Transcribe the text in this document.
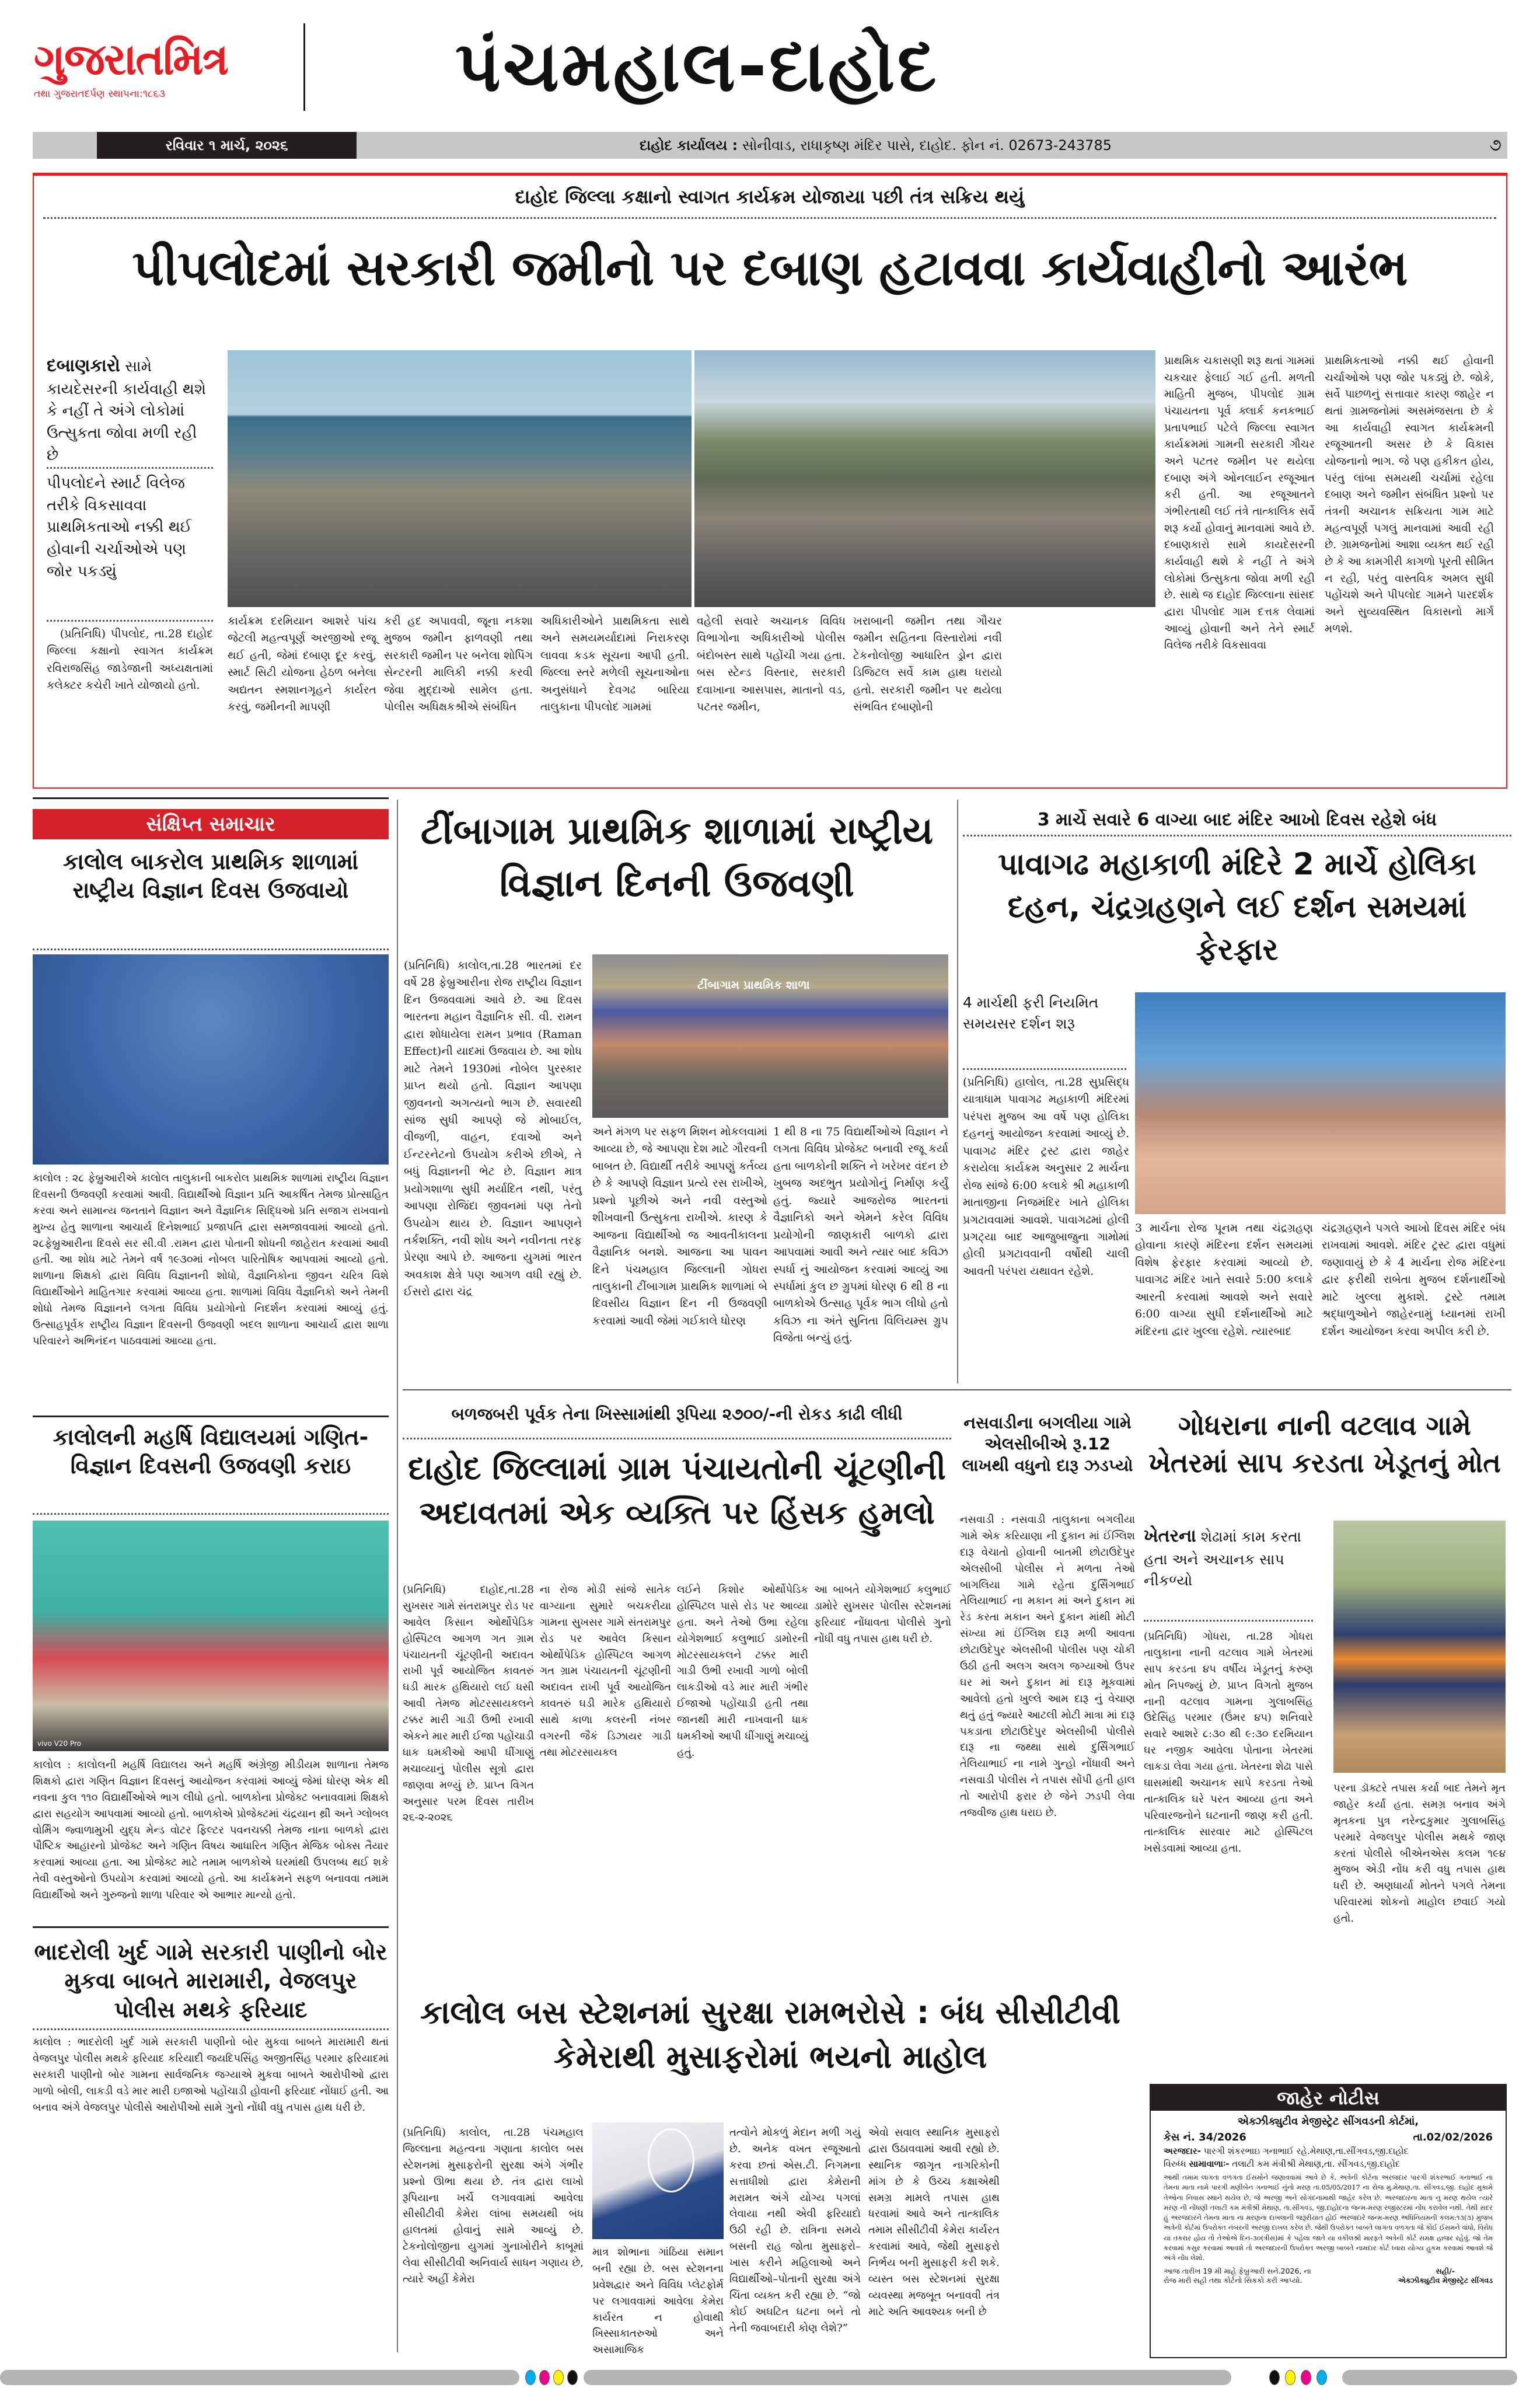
ગુજરાતમિત્ર
તથા ગુજરાતદર્પણ સ્થાપના:૧૮૬૩	પંચમહાલ-દાહોદ
રવિવાર ૧ માર્ચ, ૨૦૨૬	દાહોદ કાર્યાલય : સોનીવાડ, રાધાકૃષ્ણ મંદિર પાસે, દાહોદ. ફોન નં. 02673-243785	૭
દાહોદ જિલ્લા કક્ષાનો સ્વાગત કાર્યક્રમ યોજાયા પછી તંત્ર સક્રિય થયું
પીપલોદમાં સરકારી જમીનો પર દબાણ હટાવવા કાર્યવાહીનો આરંભ
દબાણકારો સામે કાયદેસરની કાર્યવાહી થશે કે નહીં તે અંગે લોકોમાં ઉત્સુકતા જોવા મળી રહી છે
પીપલોદને સ્માર્ટ વિલેજ તરીકે વિકસાવવા પ્રાથમિકતાઓ નક્કી થઈ હોવાની ચર્ચાઓએ પણ જોર પકડ્યું

(પ્રતિનિધિ) પીપલોદ, તા.28 દાહોદ જિલ્લા કક્ષાનો સ્વાગત કાર્યક્રમ રવિરાજસિંહ જાડેજાની અધ્યક્ષતામાં કલેક્ટર કચેરી ખાતે યોજાયો હતો.

કાર્યક્રમ દરમિયાન આશરે પાંચ જેટલી મહત્વપૂર્ણ અરજીઓ રજૂ થઈ હતી, જેમાં દબાણ દૂર કરવું, સ્માર્ટ સિટી યોજના હેઠળ બનેલા અદ્યતન સ્મશાનગૃહને કાર્યરત કરવું, જમીનની માપણી
કરી હદ અપાવવી, જૂના નકશા મુજબ જમીન ફાળવણી તથા સરકારી જમીન પર બનેલા શોપિંગ સેન્ટરની માલિકી નક્કી કરવી જેવા મુદ્દાઓ સામેલ હતા. પોલીસ અધિક્ષકશ્રીએ સંબંધિત
અધિકારીઓને પ્રાથમિકતા સાથે અને સમયમર્યાદામાં નિરાકરણ લાવવા કડક સૂચના આપી હતી. જિલ્લા સ્તરે મળેલી સૂચનાઓના અનુસંધાને દેવગઢ બારિયા તાલુકાના પીપલોદ ગામમાં
વહેલી સવારે અચાનક વિવિધ વિભાગોના અધિકારીઓ પોલીસ બંદોબસ્ત સાથે પહોંચી ગયા હતા. બસ સ્ટેન્ડ વિસ્તાર, સરકારી દવાખાના આસપાસ, માતાનો વડ, પટતર જમીન,
ખરાબાની જમીન તથા ગૌચર જમીન સહિતના વિસ્તારોમાં નવી ટેકનોલોજી આધારિત ડ્રોન દ્વારા ડિજિટલ સર્વે કામ હાથ ધરાયો હતો. સરકારી જમીન પર થયેલા સંભવિત દબાણોની
પ્રાથમિક ચકાસણી શરૂ થતાં ગામમાં ચકચાર ફેલાઈ ગઈ હતી. મળતી માહિતી મુજબ, પીપલોદ ગ્રામ પંચાયતના પૂર્વ ક્લાર્ક કનકભાઈ પ્રતાપભાઈ પટેલે જિલ્લા સ્વાગત કાર્યક્રમમાં ગામની સરકારી ગૌચર અને પટતર જમીન પર થયેલા દબાણ અંગે ઓનલાઈન રજૂઆત કરી હતી. આ રજૂઆતને ગંભીરતાથી લઈ તંત્રે તાત્કાલિક સર્વે શરૂ કર્યો હોવાનું માનવામાં આવે છે. દબાણકારો સામે કાયદેસરની કાર્યવાહી થશે કે નહીં તે અંગે લોકોમાં ઉત્સુકતા જોવા મળી રહી છે. સાથે જ દાહોદ જિલ્લાના સાંસદ દ્વારા પીપલોદ ગામ દત્તક લેવામાં આવ્યું હોવાની અને તેને સ્માર્ટ વિલેજ તરીકે વિકસાવવા
પ્રાથમિકતાઓ નક્કી થઈ હોવાની ચર્ચાઓએ પણ જોર પકડ્યું છે. જોકે, સર્વે પાછળનું સત્તાવાર કારણ જાહેર ન થતાં ગ્રામજનોમાં અસમંજસતા છે કે આ કાર્યવાહી સ્વાગત કાર્યક્રમની રજૂઆતની અસર છે કે વિકાસ યોજનાનો ભાગ. જે પણ હકીકત હોય, પરંતુ લાંબા સમયથી ચર્ચામાં રહેલા દબાણ અને જમીન સંબંધિત પ્રશ્નો પર તંત્રની અચાનક સક્રિયતા ગામ માટે મહત્વપૂર્ણ પગલું માનવામાં આવી રહી છે. ગ્રામજનોમાં આશા વ્યક્ત થઈ રહી છે કે આ કામગીરી કાગળો પૂરતી સીમિત ન રહી, પરંતુ વાસ્તવિક અમલ સુધી પહોંચશે અને પીપલોદ ગામને પારદર્શક અને સુવ્યવસ્થિત વિકાસનો માર્ગ મળશે.
સંક્ષિપ્ત સમાચાર
કાલોલ બાકરોલ પ્રાથમિક શાળામાં રાષ્ટ્રીય વિજ્ઞાન દિવસ ઉજવાયો
કાલોલ : ૨૮ ફેબ્રુઆરીએ કાલોલ તાલુકાની બાકરોલ પ્રાથમિક શાળામાં રાષ્ટ્રીય વિજ્ઞાન દિવસની ઉજવણી કરવામાં આવી. વિદ્યાર્થીઓ વિજ્ઞાન પ્રતિ આકર્ષિત તેમજ પ્રોત્સાહિત કરવા અને સામાન્ય જનતાને વિજ્ઞાન અને વૈજ્ઞાનિક સિદ્ધિઓ પ્રતિ સજાગ રાખવાનો મુખ્ય હેતુ શાળાના આચાર્ય દિનેશભાઈ પ્રજાપતિ દ્વારા સમજાવવામાં આવ્યો હતો. ૨૮ફેબ્રુઆરીના દિવસે સર સી.વી .રામન દ્વારા પોતાની શોધની જાહેરાત કરવામાં આવી હતી. આ શોધ માટે તેમને વર્ષ ૧૯૩૦માં નોબલ પારિતોષિક આપવામાં આવ્યો હતો. શાળાના શિક્ષકો દ્વારા વિવિધ વિજ્ઞાનની શોધો, વૈજ્ઞાનિકોના જીવન ચરિત્ર વિશે વિદ્યાર્થીઓને માહિતગાર કરવામાં આવ્યા હતા. શાળામાં વિવિધ વૈજ્ઞાનિકો અને તેમની શોધો તેમજ વિજ્ઞાનને લગતા વિવિધ પ્રયોગોનો નિદર્શન કરવામાં આવ્યું હતું. ઉત્સાહપૂર્વક રાષ્ટ્રીય વિજ્ઞાન દિવસની ઉજવણી બદલ શાળાના આચાર્ય દ્વારા શાળા પરિવારને અભિનંદન પાઠવવામાં આવ્યા હતા.
કાલોલની મહર્ષિ વિદ્યાલયમાં ગણિત-વિજ્ઞાન દિવસની ઉજવણી કરાઇ
vivo V20 Pro
કાલોલ : કાલોલની મહર્ષિ વિદ્યાલય અને મહર્ષિ અંગ્રેજી મીડીયમ શાળાના તેમજ શિક્ષકો દ્વારા ગણિત વિજ્ઞાન દિવસનું આયોજન કરવામાં આવ્યું જેમાં ધોરણ એક થી નવના કુલ ૧૧૦ વિદ્યાર્થીઓએ ભાગ લીધો હતો. બાળકોના પ્રોજેક્ટ બનાવવામાં શિક્ષકો દ્વારા સહયોગ આપવામાં આવ્યો હતો. બાળકોએ પ્રોજેક્ટમાં ચંદ્રયાન થ્રી અને ગ્લોબલ વોર્મિંગ જ્વાળામુખી યુદ્ધ મેન્ડ વોટર ફિલ્ટર પવનચક્કી તેમજ નાના બાળકો દ્વારા પૌષ્ટિક આહારનો પ્રોજેક્ટ અને ગણિત વિષય આધારિત ગણિત મેજિક બોક્સ તૈયાર કરવામાં આવ્યા હતા. આ પ્રોજેક્ટ માટે તમામ બાળકોએ ઘરમાંથી ઉપલબ્ધ થઈ શકે તેવી વસ્તુઓનો ઉપયોગ કરવામાં આવ્યો હતો. આ કાર્યક્રમને સફળ બનાવવા તમામ વિદ્યાર્થીઓ અને ગુરુજનો શાળા પરિવાર એ આભાર માન્યો હતો.
ભાદરોલી ખુર્દ ગામે સરકારી પાણીનો બોર મુકવા બાબતે મારામારી, વેજલપુર પોલીસ મથકે ફરિયાદ
કાલોલ : ભાદરોલી ખુર્દ ગામે સરકારી પાણીનો બોર મુકવા બાબતે મારામારી થતાં વેજલપુર પોલીસ મથકે ફરિયાદ કરિયાદી જયદિપસિંહ અજીતસિંહ પરમાર ફરિયાદમાં સરકારી પાણીનો બોર ગામના સાર્વજનિક જગ્યાએ મુકવા બાબતે આરોપીઓ દ્વારા ગાળો બોલી, લાકડી વડે માર મારી ઇજાઓ પહોંચાડી હોવાની ફરિયાદ નોંધાઈ હતી. આ બનાવ અંગે વેજલપુર પોલીસે આરોપીઓ સામે ગુનો નોંધી વધુ તપાસ હાથ ધરી છે.
ટીંબાગામ પ્રાથમિક શાળામાં રાષ્ટ્રીય વિજ્ઞાન દિનની ઉજવણી
ટીંબાગામ પ્રાથમિક શાળા
(પ્રતિનિધિ) કાલોલ,તા.28 ભારતમાં દર વર્ષે 28 ફેબ્રુઆરીના રોજ રાષ્ટ્રીય વિજ્ઞાન દિન ઉજવવામાં આવે છે. આ દિવસ ભારતના મહાન વૈજ્ઞાનિક સી. વી. રામન દ્વારા શોધાયેલા રામન પ્રભાવ (Raman Effect)ની યાદમાં ઉજવાય છે. આ શોધ માટે તેમને 1930માં નોબેલ પુરસ્કાર પ્રાપ્ત થયો હતો. વિજ્ઞાન આપણા જીવનનો અગત્યનો ભાગ છે. સવારથી સાંજ સુધી આપણે જે મોબાઈલ, વીજળી, વાહન, દવાઓ અને ઈન્ટરનેટનો ઉપયોગ કરીએ છીએ, તે બધું વિજ્ઞાનની ભેટ છે. વિજ્ઞાન માત્ર પ્રયોગશાળા સુધી મર્યાદિત નથી, પરંતુ આપણા રોજિંદા જીવનમાં પણ તેનો ઉપયોગ થાય છે. વિજ્ઞાન આપણને તર્કશક્તિ, નવી શોધ અને નવીનતા તરફ પ્રેરણા આપે છે. આજના યુગમાં ભારત અવકાશ ક્ષેત્રે પણ આગળ વધી રહ્યું છે. ઈસરો દ્વારા ચંદ્ર
અને મંગળ પર સફળ મિશન મોકલવામાં આવ્યા છે, જે આપણા દેશ માટે ગૌરવની બાબત છે. વિદ્યાર્થી તરીકે આપણું કર્તવ્ય છે કે આપણે વિજ્ઞાન પ્રત્યે રસ રાખીએ, પ્રશ્નો પૂછીએ અને નવી વસ્તુઓ શીખવાની ઉત્સુકતા રાખીએ. કારણ કે આજના વિદ્યાર્થીઓ જ આવતીકાલના વૈજ્ઞાનિક બનશે. આજના આ પાવન દિને પંચમહાલ જિલ્લાની ગોધરા તાલુકાની ટીંબાગામ પ્રાથમિક શાળામાં બે દિવસીય વિજ્ઞાન દિન ની ઉજવણી કરવામાં આવી જેમાં ગઈકાલે ધોરણ
1 થી 8 ના 75 વિદ્યાર્થીઓએ વિજ્ઞાન ને લગતા વિવિધ પ્રોજેક્ટ બનાવી રજૂ કર્યા હતા બાળકોની શક્તિ ને ખરેખર વંદન છે ખુબજ અદભુત પ્રયોગોનું નિર્માણ કર્યું હતું. જ્યારે આજરોજ ભારતનાં વૈજ્ઞાનિકો અને એમને કરેલ વિવિધ પ્રયોગોની જાણકારી બાળકો દ્વારા આપવામાં આવી અને ત્યાર બાદ કવિઝ સ્પર્ધા નું આયોજન કરવામાં આવ્યું આ સ્પર્ધામાં કુલ છ ગ્રુપમાં ધોરણ 6 થી 8 ના બાળકોએ ઉત્સાહ પૂર્વક ભાગ લીધો હતો કવિઝ ના અંતે સુનિતા વિલિયમ્સ ગ્રુપ વિજેતા બન્યું હતું.
3 માર્ચે સવારે 6 વાગ્યા બાદ મંદિર આખો દિવસ રહેશે બંધ
પાવાગઢ મહાકાળી મંદિરે 2 માર્ચે હોલિકા દહન, ચંદ્રગ્રહણને લઈ દર્શન સમયમાં ફેરફાર
4 માર્ચથી ફરી નિયમિત સમયસર દર્શન શરૂ
(પ્રતિનિધિ) હાલોલ, તા.28 સુપ્રસિદ્ધ યાત્રાધામ પાવાગઢ મહાકાળી મંદિરમાં પરંપરા મુજબ આ વર્ષે પણ હોલિકા દહનનું આયોજન કરવામાં આવ્યું છે. પાવાગઢ મંદિર ટ્રસ્ટ દ્વારા જાહેર કરાયેલા કાર્યક્રમ અનુસાર 2 માર્ચના રોજ સાંજે 6:00 કલાકે શ્રી મહાકાળી માતાજીના નિજમંદિર ખાતે હોલિકા પ્રગટાવવામાં આવશે. પાવાગઢમાં હોલી પ્રગટ્યા બાદ આજુબાજુના ગામોમાં હોલી પ્રગટાવવાની વર્ષોથી ચાલી આવતી પરંપરા યથાવત રહેશે.
3 માર્ચના રોજ પૂનમ તથા ચંદ્રગ્રહણ હોવાના કારણે મંદિરના દર્શન સમયમાં વિશેષ ફેરફાર કરવામાં આવ્યો છે. પાવાગઢ મંદિર ખાતે સવારે 5:00 કલાકે આરતી કરવામાં આવશે અને સવારે 6:00 વાગ્યા સુધી દર્શનાર્થીઓ માટે મંદિરના દ્વાર ખુલ્લા રહેશે. ત્યારબાદ
ચંદ્રગ્રહણને પગલે આખો દિવસ મંદિર બંધ રાખવામાં આવશે. મંદિર ટ્રસ્ટ દ્વારા વધુમાં જણાવાયું છે કે 4 માર્ચના રોજ મંદિરના દ્વાર ફરીથી રાબેતા મુજબ દર્શનાર્થીઓ માટે ખુલ્લા મુકાશે. ટ્રસ્ટે તમામ શ્રદ્ધાળુઓને જાહેરનામું ધ્યાનમાં રાખી દર્શન આયોજન કરવા અપીલ કરી છે.
બળજબરી પૂર્વક તેના ખિસ્સામાંથી રૂપિયા ૨૭૦૦/-ની રોકડ કાઢી લીધી
દાહોદ જિલ્લામાં ગ્રામ પંચાયતોની ચૂંટણીની અદાવતમાં એક વ્યક્તિ પર હિંસક હુમલો
(પ્રતિનિધિ) દાહોદ,તા.28 સુખસર ગામે સંતરામપુર રોડ પર આવેલ કિસાન ઓર્થોપેડિક હોસ્પિટલ આગળ ગત ગ્રામ પંચાયતની ચૂંટણીની અદાવત રાખી પૂર્વ આયોજિત કાવતરું ઘડી મારક હથિયારો લઈ ધસી આવી તેમજ મોટરસાયકલને ટક્કર મારી ગાડી ઉભી રખાવી એકને માર મારી ઈજા પહોંચાડી ધાક ધમકીઓ આપી ધીંગાણું મચાવ્યાનું પોલીસ સૂત્રો દ્વારા જાણવા મળ્યું છે. પ્રાપ્ત વિગત અનુસાર પરમ દિવસ તારીખ ૨૬-૨-૨૦૨૬
ના રોજ મોડી સાંજે સાતેક વાગ્યાના સુમારે બચકરીયા ગામના સુખસર ગામે સંતરામપુર રોડ પર આવેલ કિસાન ઓર્થોપેડિક હોસ્પિટલ આગળ ગત ગ્રામ પંચાયતની ચૂંટણીની અદાવત રાખી પૂર્વ આયોજિત કાવતરું ઘડી મારેક હથિયારો સાથે કાળા કલરની નંબર વગરની જૈકં ડિઝાયર ગાડી તથા મોટરસાયકલ
લઈને કિશોર ઓર્થોપેડિક હોસ્પિટલ પાસે રોડ પર આવ્યા હતા. અને તેઓ ઉભા રહેલા યોગેશભાઈ કલુભાઈ ડામોરની મોટરસાયકલને ટક્કર મારી ગાડી ઉભી રખાવી ગાળો બોલી લાકડીઓ વડે માર મારી ગંભીર ઈજાઓ પહોંચાડી હતી તથા જાનથી મારી નાખવાની ધાક ધમકીઓ આપી ધીંગાણું મચાવ્યું હતું.
આ બાબતે યોગેશભાઈ કલુભાઈ ડામોરે સુખસર પોલીસ સ્ટેશનમાં ફરિયાદ નોંધાવતા પોલીસે ગુનો નોંધી વધુ તપાસ હાથ ધરી છે.
નસવાડીના બગલીયા ગામે એલસીબીએ રૂ.12 લાખથી વધુનો દારૂ ઝડપ્યો
નસવાડી : નસવાડી તાલુકાના બગલીયા ગામે એક કરિયાણા ની દુકાન માં ઈંગ્લિશ દારૂ વેચાતો હોવાની બાતમી છોટાઉદેપુર એલસીબી પોલીસ ને મળતા તેઓ બાગલિયા ગામે રહેતા દુર્સિંગભાઈ તેલિયાભાઈ ના મકાન માં અને દુકાન માં રેડ કરતા મકાન અને દુકાન માંથી મોટી સંખ્યા માં ઈંગ્લિશ દારૂ મળી આવતા છોટાઉદેપુર એલસીબી પોલીસ પણ ચોકી ઉઠી હતી અલગ અલગ જગ્યાઓ ઉપર ઘર માં અને દુકાન માં દારૂ મૂકવામાં આવેલો હતો ખુલ્લે આમ દારૂ નું વેચાણ થતું હતું જ્યારે આટલી મોટી માત્રા માં દારૂ પકડાતા છોટાઉદેપુર એલસીબી પોલીસે દારૂ ના જથ્થા સાથે દુર્સિંગભાઈ તેલિયાભાઈ ના નામે ગુન્હો નોંધાવી અને નસવાડી પોલીસ ને તપાસ સોંપી હતી હાલ તો આરોપી ફરાર છે જેને ઝડપી લેવા તજવીજ હાથ ધરાઇ છે.
ગોધરાના નાની વટલાવ ગામે ખેતરમાં સાપ કરડતા ખેડૂતનું મોત
ખેતરના શેઢામાં કામ કરતા હતા અને અચાનક સાપ નીકળ્યો
(પ્રતિનિધિ) ગોધરા, તા.28 ગોધરા તાલુકાના નાની વટલાવ ગામે ખેતરમાં સાપ કરડતા ૪૫ વર્ષીય ખેડૂતનું કરુણ મોત નિપજ્યું છે. પ્રાપ્ત વિગતો મુજબ નાની વટલાવ ગામના ગુલાબસિંહ ઉદેસિંહ પરમાર (ઉંમર ૪૫) શનિવારે સવારે આશરે ૮:૩૦ થી ૯:૩૦ દરમિયાન ઘર નજીક આવેલા પોતાના ખેતરમાં લાકડા લેવા ગયા હતા. ખેતરના શેઢા પાસે ઘાસમાંથી અચાનક સાપે કરડતા તેઓ તાત્કાલિક ઘરે પરત આવ્યા હતા અને પરિવારજનોને ઘટનાની જાણ કરી હતી. તાત્કાલિક સારવાર માટે હોસ્પિટલ ખસેડવામાં આવ્યા હતા.
પરના ડૉક્ટરે તપાસ કર્યા બાદ તેમને મૃત જાહેર કર્યા હતા. સમગ્ર બનાવ અંગે મૃતકના પુત્ર નરેન્દ્રકુમાર ગુલાબસિંહ પરમારે વેજલપુર પોલીસ મથકે જાણ કરતાં પોલીસે બીએનએસ કલમ ૧૯૪ મુજબ એડી નોંધ કરી વધુ તપાસ હાથ ધરી છે. અણધાર્યા મોતને પગલે તેમના પરિવારમાં શોકનો માહોલ છવાઈ ગયો હતો.
કાલોલ બસ સ્ટેશનમાં સુરક્ષા રામભરોસે : બંધ સીસીટીવી કેમેરાથી મુસાફરોમાં ભયનો માહોલ
(પ્રતિનિધિ) કાલોલ, તા.28 પંચમહાલ જિલ્લાના મહત્વના ગણાતા કાલોલ બસ સ્ટેશનમાં મુસાફરોની સુરક્ષા અંગે ગંભીર પ્રશ્નો ઊભા થયા છે. તંત્ર દ્વારા લાખો રૂપિયાના ખર્ચે લગાવવામાં આવેલા સીસીટીવી કેમેરા લાંબા સમયથી બંધ હાલતમાં હોવાનું સામે આવ્યું છે. ટેકનોલોજીના યુગમાં ગુનાખોરીને કાબૂમાં લેવા સીસીટીવી અનિવાર્ય સાધન ગણાય છે, ત્યારે અહીં કેમેરા
માત્ર શોભાના ગાંઠિયા સમાન બની રહ્યા છે. બસ સ્ટેશનના પ્રવેશદ્વાર અને વિવિધ પ્લેટફોર્મ પર લગાવવામાં આવેલા કેમેરા કાર્યરત ન હોવાથી ખિસ્સાકાતરુઓ અને અસામાજિક
તત્વોને મોકળું મેદાન મળી ગયું છે. અનેક વખત રજૂઆતો કરવા છતાં એસ.ટી. નિગમના સત્તાધીશો દ્વારા કેમેરાની મરામત અંગે યોગ્ય પગલાં લેવાયા નથી એવી ફરિયાદો ઉઠી રહી છે. રાત્રિના સમયે બસની રાહ જોતા મુસાફરો–ખાસ કરીને મહિલાઓ અને વિદ્યાર્થીઓ–પોતાની સુરક્ષા અંગે ચિંતા વ્યક્ત કરી રહ્યા છે. “જો કોઈ અઘટિત ઘટના બને તો તેની જવાબદારી કોણ લેશે?”
એવો સવાલ સ્થાનિક મુસાફરો દ્વારા ઉઠાવવામાં આવી રહ્યો છે. સ્થાનિક જાગૃત નાગરિકોની માંગ છે કે ઉચ્ચ કક્ષાએથી સમગ્ર મામલે તપાસ હાથ ધરવામાં આવે અને તાત્કાલિક તમામ સીસીટીવી કેમેરા કાર્યરત કરવામાં આવે, જેથી મુસાફરો નિર્ભય બની મુસાફરી કરી શકે. વ્યસ્ત બસ સ્ટેશનમાં સુરક્ષા વ્યવસ્થા મજબૂત બનાવવી તંત્ર માટે અતિ આવશ્યક બની છે
જાહેર નોટીસ
એક્ઝીક્યુટીવ મેજીસ્ટ્રેટ સીંગવડની કોર્ટમાં,
કેસ નં. 34/2026	તા.02/02/2026
અરજદાર- પારગી શંકરભાઇ ગનાભાઈ રહે.મેથાણ,તા.સીંગવડ,જી.દાહોદ
વિરુધ્ધ સામાવાળાઃ- તલાટી કમ મંત્રીશ્રી મેથાણ,તા. સીંગવડ,જી.દાહોદ
આથી તમામ લાગતા વળગતા ઈસમોને જણાવવામાં આવે છે કે, અત્રેની કોર્ટના અરજદાર પારગી શંકરભાઈ ગનાભાઈ ના તેમના માતા નામે પારગી મણીબેન ગનાભાઈ નુંનો મરણ તા.05/05/2017 ના રોજ મુ.મેથાણ,તા. સીંગવડ,જી. દાહોદ મુકામે તેઓના નિવાસ સ્થાને થયેલ છે, જે અરજી અને સોગંદનામાથી જાહેર કરેલ છે. અરજદારના માતા નુ મરણ થયેલ ત્યારે મરણ ની નોંધણી તલાટી કમ મંત્રીશ્રી મેથાણ, તા.સીંગવડ, જી.દાહોદના જન્મ-મરણ રજીસ્ટરમાં નોંધ કરાવેલ નથી. તેથી સદર હું અરજદારને તેમના માતા ના મરણના દાખલાની જરૂરીયાત હોઈ અરજદારે જન્મ-મરણ અધિનિયમની કલમ:૧૩(૩) મુજબ અત્રેની કોર્ટમાં ઉપરોક્ત નંબરની અરજી દાખલ કરેલ છે. જેથી ઉપરોક્ત બાબતે લાગતા વળગતા જે કોઈ ઈસમને વાંધો, વિરોધ યા તકરાર હોય તો તેઓએ દિન-૩૦(ત્રીસ)માં કે પહેલા જાતે યા વકીલશ્રી મારફતે અત્રેની કોર્ટ સમક્ષ હાજર રહેવું. જો તેમ કરવામાં કસુર કરવામાં આવશે તો અરજદારની ઉપરોક્ત અરજી બાબતે નામદાર કોર્ટ ધ્વારા યોગ્ય હુકમ કરવામાં આવશે જે અંગે નોંધ લેશો.
આજ તારીખ 19 મી માહે ફેબ્રુઆરી સને.2026, ના
રોજ મારી સહી તથા કોર્ટનો સિકકો કરી આપ્યો.
સહી/-
એક્ઝીક્યુટીવ મેજીસ્ટ્રેટ સીંગવડ
